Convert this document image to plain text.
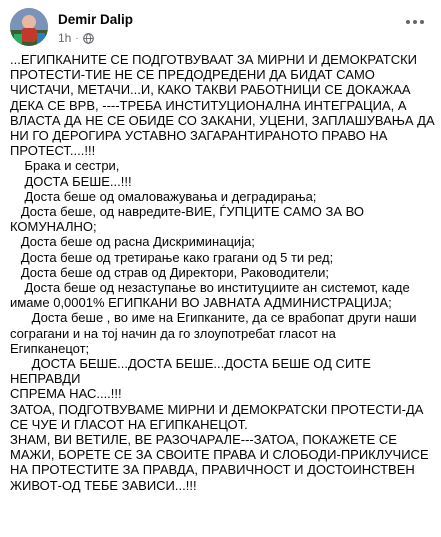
Demir Dalip
1h ·

...ЕГИПКАНИТЕ СЕ ПОДГОТВУВААТ ЗА МИРНИ И ДЕМОКРАТСКИ

ПРОТЕСТИ-ТИЕ НЕ СЕ ПРЕДОДРЕДЕНИ ДА БИДАТ САМО

ЧИСТАЧИ, МЕТАЧИ...И, КАКО ТАКВИ РАБОТНИЦИ СЕ ДОКАЖАА

ДЕКА СЕ ВРВ, ----ТРЕБА ИНСТИТУЦИОНАЛНА ИНТЕГРАЦИА, А

ВЛАСТА ДА НЕ СЕ ОБИДЕ СО ЗАКАНИ, УЦЕНИ, ЗАПЛАШУВАЊА ДА

НИ ГО ДЕРОГИРА УСТАВНО ЗАГАРАНТИРАНОТО ПРАВО НА

ПРОТЕСТ....!!!

Брака и сестри,

ДОСТА БЕШЕ...!!!

Доста беше од омаловажувања и деградирања;

Доста беше, од навредите-ВИЕ, ЃУПЦИТЕ САМО ЗА ВО

КОМУНАЛНО;

Доста беше од расна Дискриминација;

Доста беше од третирање како грагани од 5 ти ред;

Доста беше од страв од Директори, Раководители;

Доста беше од незаступање во институциите ан системот, каде

имаме 0,0001% ЕГИПКАНИ ВО ЈАВНАТА АДМИНИСТРАЦИЈА;

Доста беше , во име на Египканите, да се врабопат други наши

сограгани и на тој начин да го злоупотребат гласот на

Египканецот;

ДОСТА БЕШЕ...ДОСТА БЕШЕ...ДОСТА БЕШЕ ОД СИТЕ НЕПРАВДИ

СПРЕМА НАС....!!!

ЗАТОА, ПОДГОТВУВАМЕ МИРНИ И ДЕМОКРАТСКИ ПРОТЕСТИ-ДА

СЕ ЧУЕ И ГЛАСОТ НА ЕГИПКАНЕЦОТ.

ЗНАМ, ВИ ВЕТИЛЕ, ВЕ РАЗОЧАРАЛЕ---ЗАТОА, ПОКАЖЕТЕ СЕ

МАЖИ, БОРЕТЕ СЕ ЗА СВОИТЕ ПРАВА И СЛОБОДИ-ПРИКЛУЧИСЕ

НА ПРОТЕСТИТЕ ЗА ПРАВДА, ПРАВИЧНОСТ И ДОСТОИНСТВЕН

ЖИВОТ-ОД ТЕБЕ ЗАВИСИ...!!!
